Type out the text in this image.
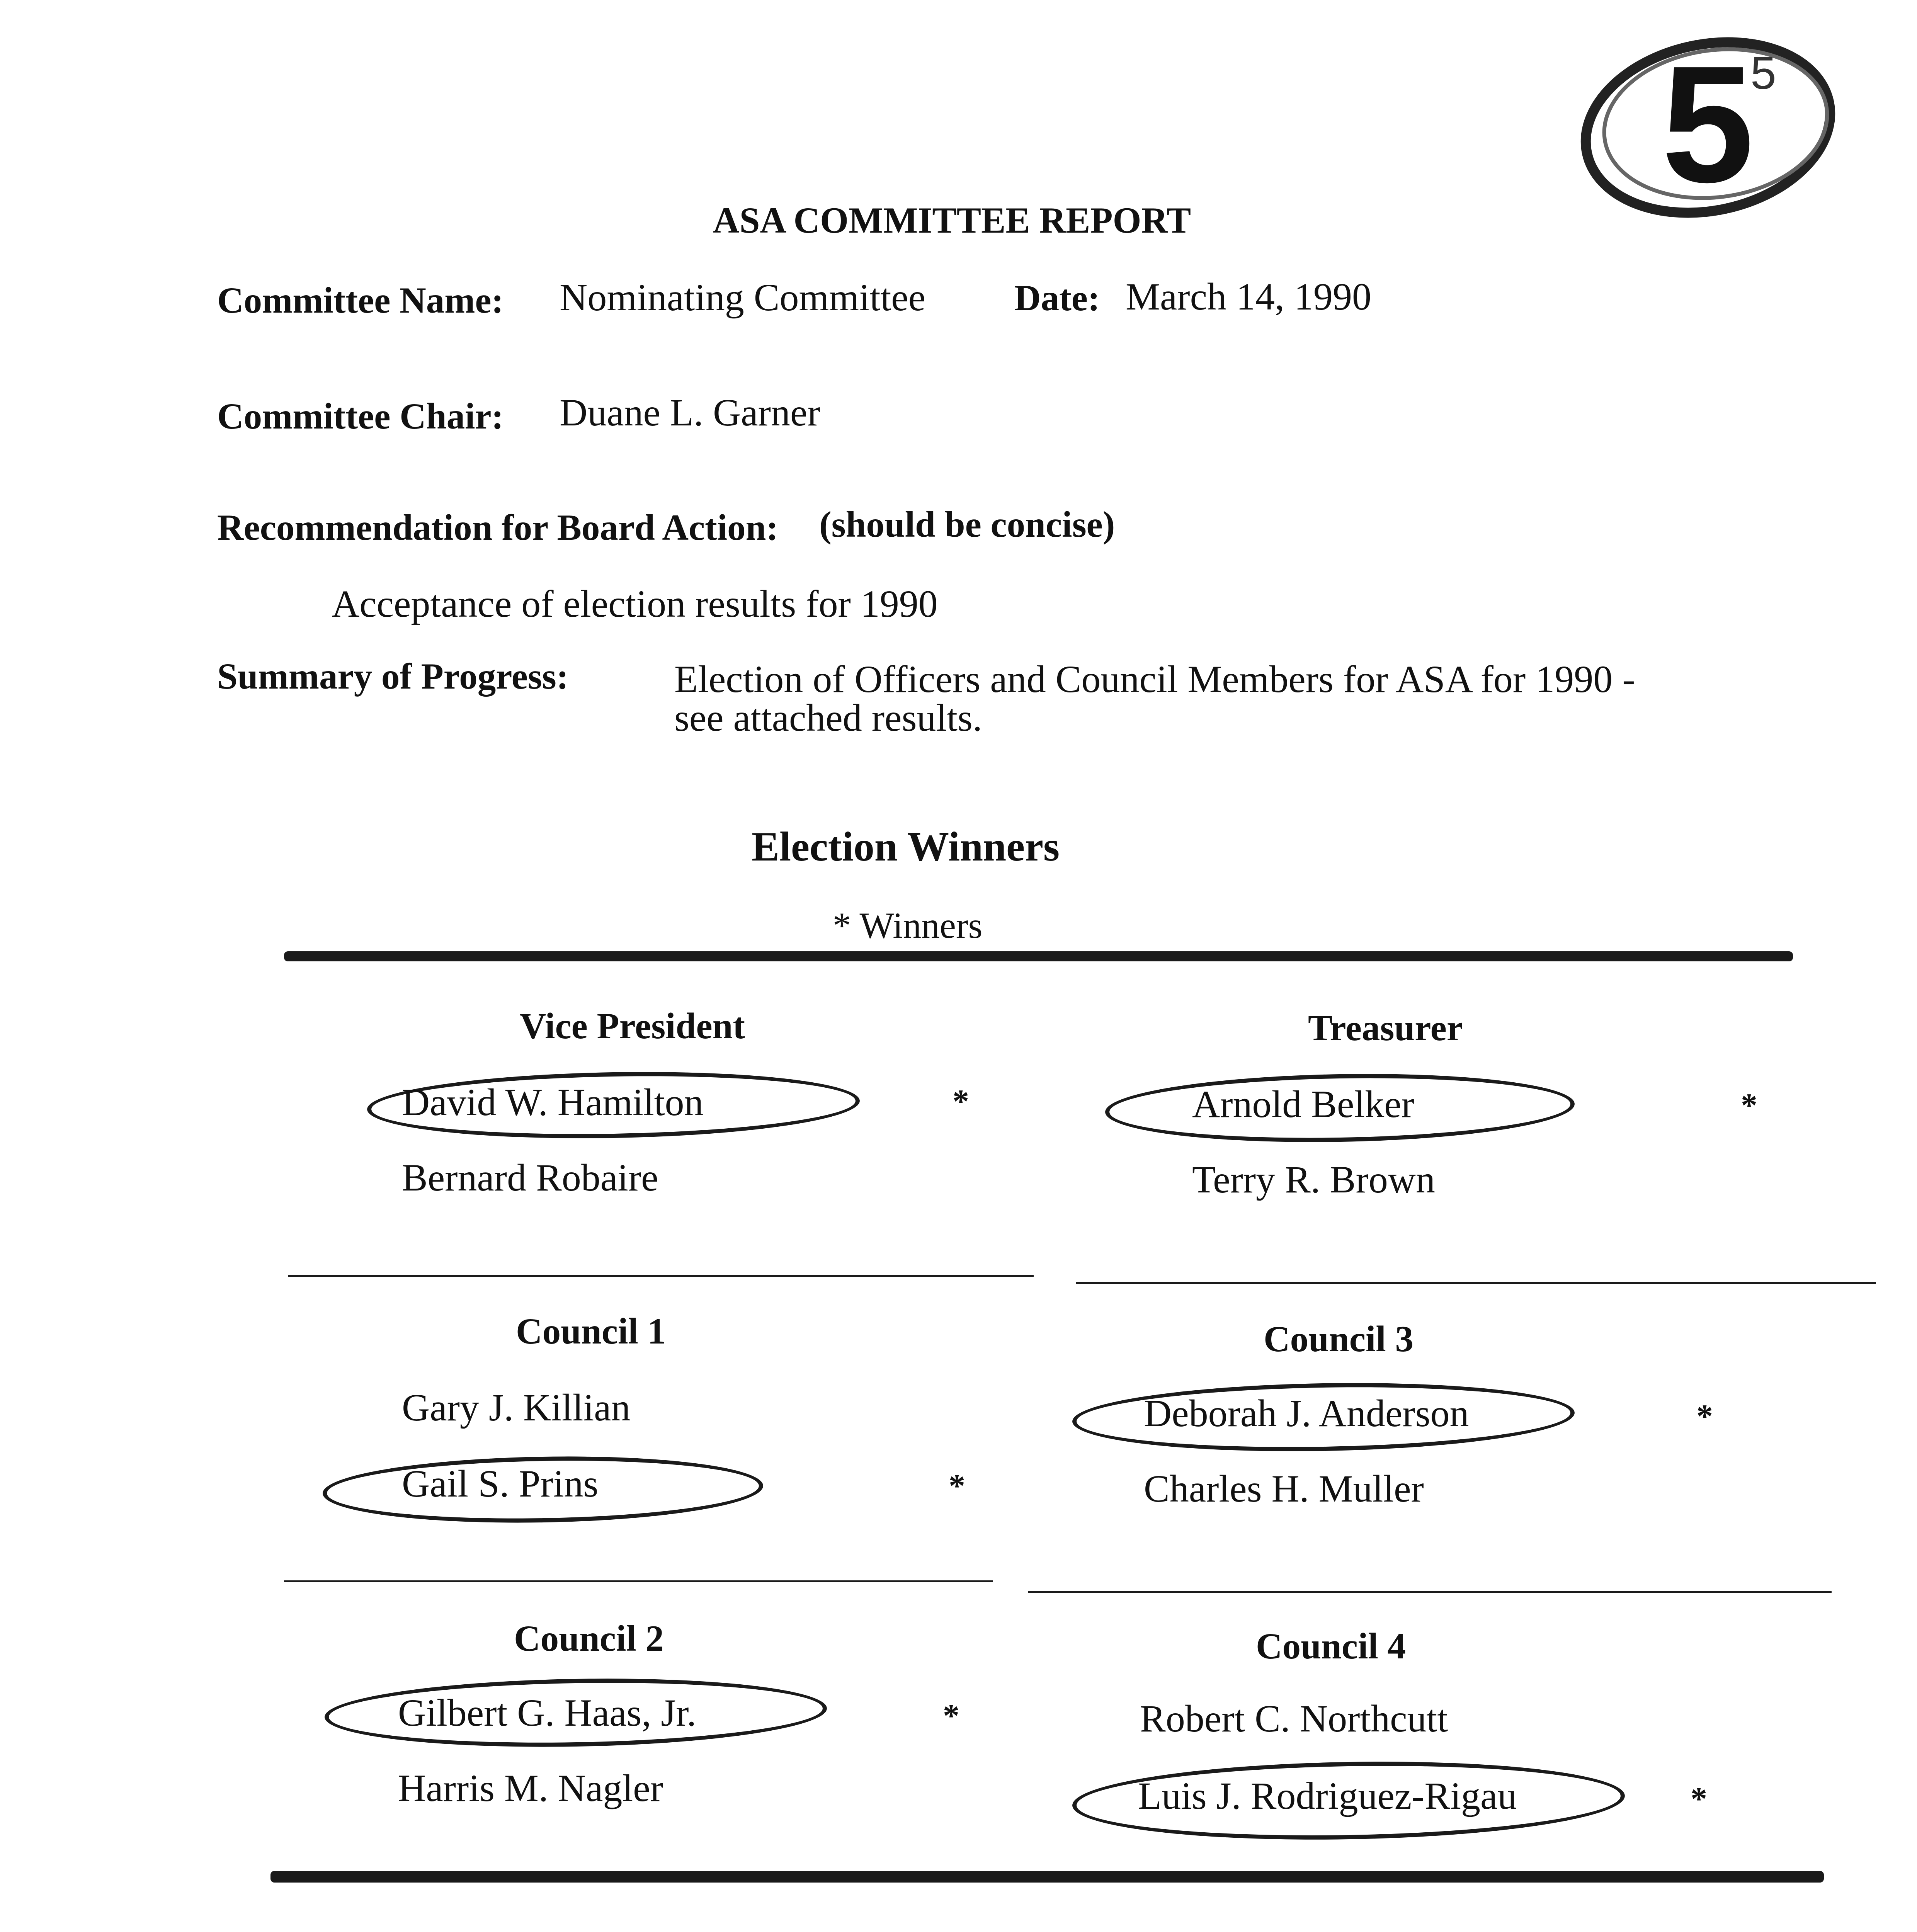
5
5
ASA COMMITTEE REPORT
Committee Name: Nominating Committee Date: March 14, 1990
Committee Chair: Duane L. Garner
Recommendation for Board Action: (should be concise)
Acceptance of election results for 1990
Summary of Progress:	Election of Officers and Council Members for ASA for 1990 -
see attached results.
Election Winners
* Winners
Vice President
David W. Hamilton	*
Bernard Robaire
Treasurer
Arnold Belker	*
Terry R. Brown
Council 1
Gary J. Killian
Gail S. Prins	*
Council 3
Deborah J. Anderson	*
Charles H. Muller
Council 2
Gilbert G. Haas, Jr.	*
Harris M. Nagler
Council 4
Robert C. Northcutt
Luis J. Rodriguez-Rigau	*
